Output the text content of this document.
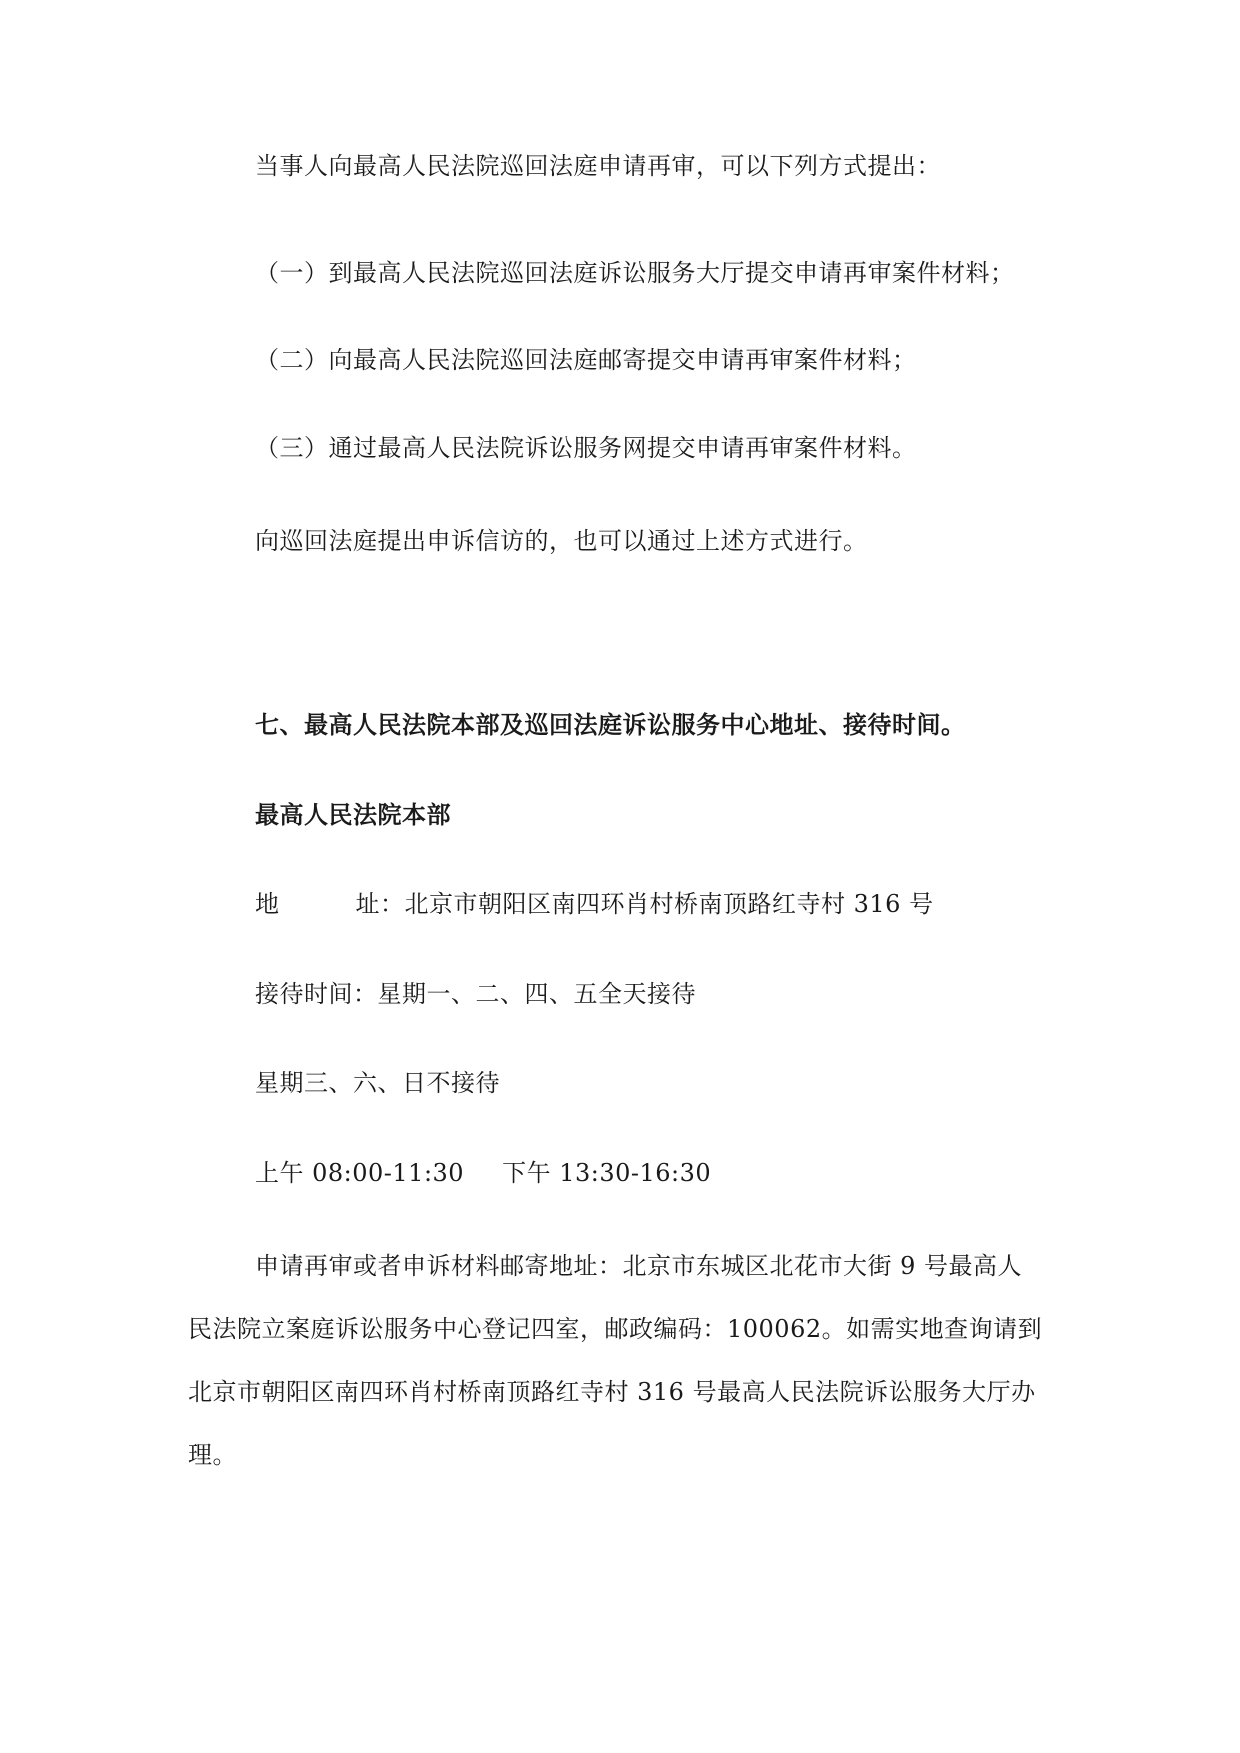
当事人向最高人民法院巡回法庭申请再审，可以下列方式提出：
（一）到最高人民法院巡回法庭诉讼服务大厅提交申请再审案件材料；
（二）向最高人民法院巡回法庭邮寄提交申请再审案件材料；
（三）通过最高人民法院诉讼服务网提交申请再审案件材料。
向巡回法庭提出申诉信访的，也可以通过上述方式进行。
七、最高人民法院本部及巡回法庭诉讼服务中心地址、接待时间。
最高人民法院本部
地	址：北京市朝阳区南四环肖村桥南顶路红寺村 316 号
接待时间：星期一、二、四、五全天接待
星期三、六、日不接待
上午 08:00-11:30 下午 13:30-16:30
申请再审或者申诉材料邮寄地址：北京市东城区北花市大街 9 号最高人
民法院立案庭诉讼服务中心登记四室，邮政编码：100062。如需实地查询请到
北京市朝阳区南四环肖村桥南顶路红寺村 316 号最高人民法院诉讼服务大厅办
理。
